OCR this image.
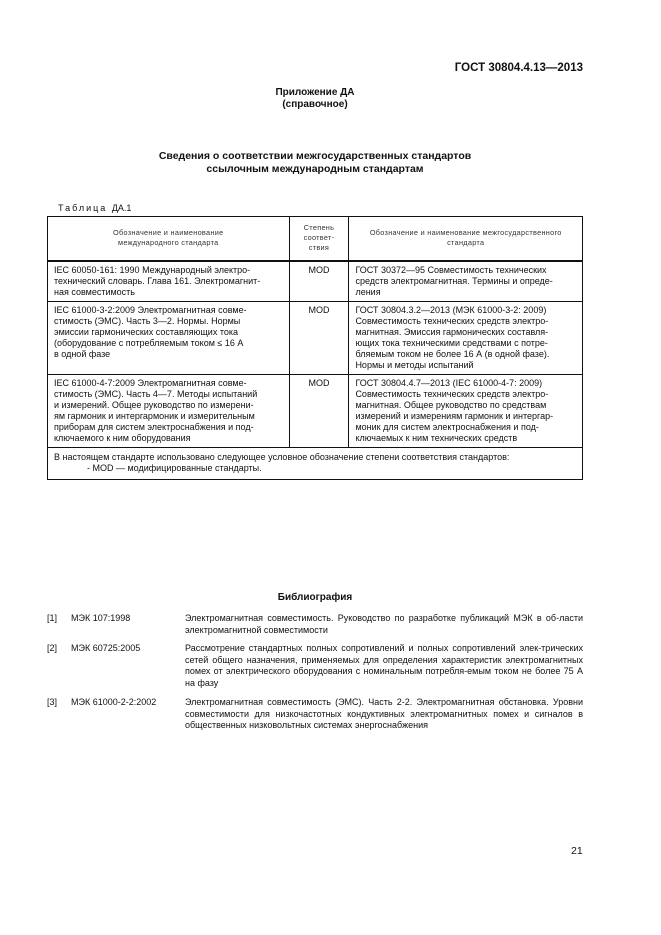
ГОСТ 30804.4.13—2013
Приложение ДА
(справочное)
Сведения о соответствии межгосударственных стандартов
ссылочным международным стандартам
Таблица ДА.1
Обозначение и наименование
международного стандарта

Степень
соответ-
ствия

Обозначение и наименование межгосударственного
стандарта

IEC 60050-161: 1990 Международный электро-
технический словарь. Глава 161. Электромагнит-
ная совместимость
	MOD	ГОСТ 30372—95 Совместимость технических
средств электромагнитная. Термины и опреде-
ления

IEC 61000-3-2:2009 Электромагнитная совме-
стимость (ЭМС). Часть 3—2. Нормы. Нормы
эмиссии гармонических составляющих тока
(оборудование с потребляемым током ≤ 16 А
в одной фазе
	MOD	ГОСТ 30804.3.2—2013 (МЭК 61000-3-2: 2009)
Совместимость технических средств электро-
магнитная. Эмиссия гармонических составля-
ющих тока техническими средствами с потре-
бляемым током не более 16 А (в одной фазе).
Нормы и методы испытаний

IEC 61000-4-7:2009 Электромагнитная совме-
стимость (ЭМС). Часть 4—7. Методы испытаний
и измерений. Общее руководство по измерени-
ям гармоник и интергармоник и измерительным
приборам для систем электроснабжения и под-
ключаемого к ним оборудования
	MOD	ГОСТ 30804.4.7—2013 (IEC 61000-4-7: 2009)
Совместимость технических средств электро-
магнитная. Общее руководство по средствам
измерений и измерениям гармоник и интергар-
моник для систем электроснабжения и под-
ключаемых к ним технических средств

В настоящем стандарте использовано следующее условное обозначение степени соответствия стандартов:
- MOD — модифицированные стандарты.		
Библиография
[1] МЭК 107:1998	Электромагнитная совместимость. Руководство по разработке публикаций МЭК в об-ласти электромагнитной совместимости
[2] МЭК 60725:2005	Рассмотрение стандартных полных сопротивлений и полных сопротивлений элек-трических сетей общего назначения, применяемых для определения характеристик электромагнитных помех от электрического оборудования с номинальным потребля-емым током не более 75 А на фазу
[3] МЭК 61000-2-2:2002	Электромагнитная совместимость (ЭМС). Часть 2-2. Электромагнитная обстановка. Уровни совместимости для низкочастотных кондуктивных электромагнитных помех и сигналов в общественных низковольтных системах энергоснабжения
21
